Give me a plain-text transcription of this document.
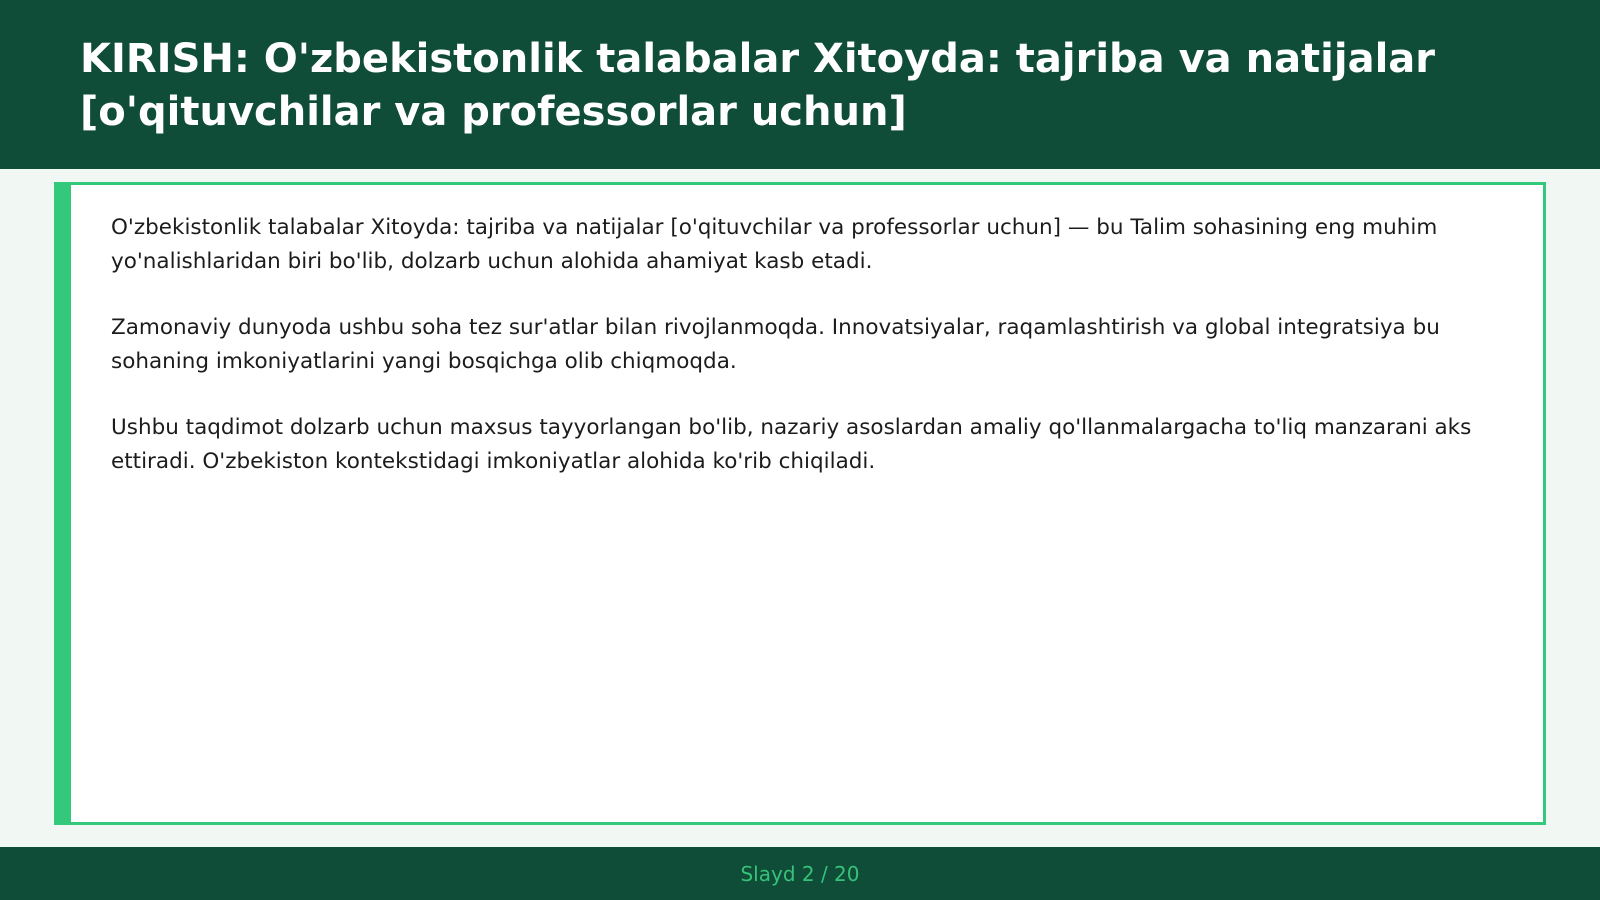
KIRISH: O'zbekistonlik talabalar Xitoyda: tajriba va natijalar [o'qituvchilar va professorlar uchun]

O'zbekistonlik talabalar Xitoyda: tajriba va natijalar [o'qituvchilar va professorlar uchun] — bu Talim sohasining eng muhim yo'nalishlaridan biri bo'lib, dolzarb uchun alohida ahamiyat kasb etadi.

Zamonaviy dunyoda ushbu soha tez sur'atlar bilan rivojlanmoqda. Innovatsiyalar, raqamlashtirish va global integratsiya bu sohaning imkoniyatlarini yangi bosqichga olib chiqmoqda.

Ushbu taqdimot dolzarb uchun maxsus tayyorlangan bo'lib, nazariy asoslardan amaliy qo'llanmalargacha to'liq manzarani aks ettiradi. O'zbekiston kontekstidagi imkoniyatlar alohida ko'rib chiqiladi.

Slayd 2 / 20
